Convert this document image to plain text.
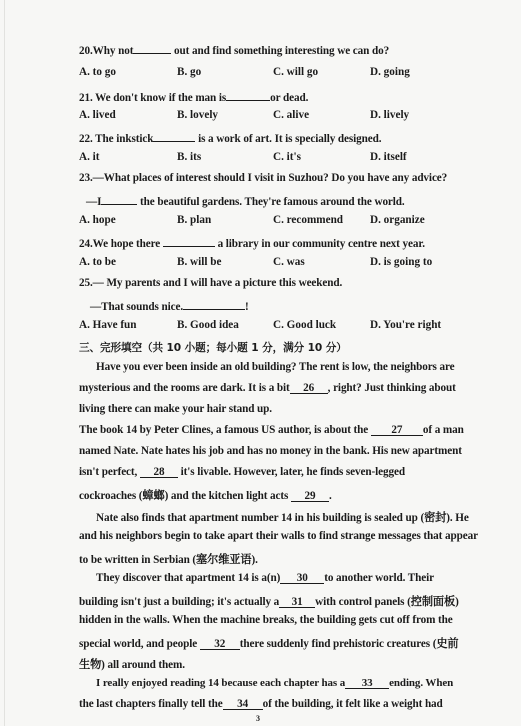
20.Why not	out and find something interesting we can do?
A. to go	B. go	C. will go	D. going
21. We don't know if the man is	or dead.
A. lived	B. lovely	C. alive	D. lively
22. The inkstick	is a work of art. It is specially designed.
A. it	B. its	C. it's	D. itself
23.—What places of interest should I visit in Suzhou? Do you have any advice?
—I	the beautiful gardens. They're famous around the world.
A. hope	B. plan	C. recommend D. organize
24.We hope there	a library in our community centre next year.
A. to be	B. will be	C. was	D. is going to
25.— My parents and I will have a picture this weekend.
—That sounds nice.	!
A. Have fun	B. Good idea	C. Good luck	D. You're right
三、完形填空（共 10 小题；每小题 1 分，满分 10 分）
Have you ever been inside an old building? The rent is low, the neighbors are
mysterious and the rooms are dark. It is a bit 26 , right? Just thinking about
living there can make your hair stand up.
The book 14 by Peter Clines, a famous US author, is about the 27 of a man
named Nate. Nate hates his job and has no money in the bank. His new apartment
isn't perfect, 28 it's livable. However, later, he finds seven-legged
cockroaches (蟑螂) and the kitchen light acts 29 .
Nate also finds that apartment number 14 in his building is sealed up (密封). He
and his neighbors begin to take apart their walls to find strange messages that appear
to be written in Serbian (塞尔维亚语).
They discover that apartment 14 is a(n) 30 to another world. Their
building isn't just a building; it's actually a 31 with control panels (控制面板)
hidden in the walls. When the machine breaks, the building gets cut off from the
special world, and people 32 there suddenly find prehistoric creatures (史前
生物) all around them.
I really enjoyed reading 14 because each chapter has a 33 ending. When
the last chapters finally tell the 34 of the building, it felt like a weight had
3
